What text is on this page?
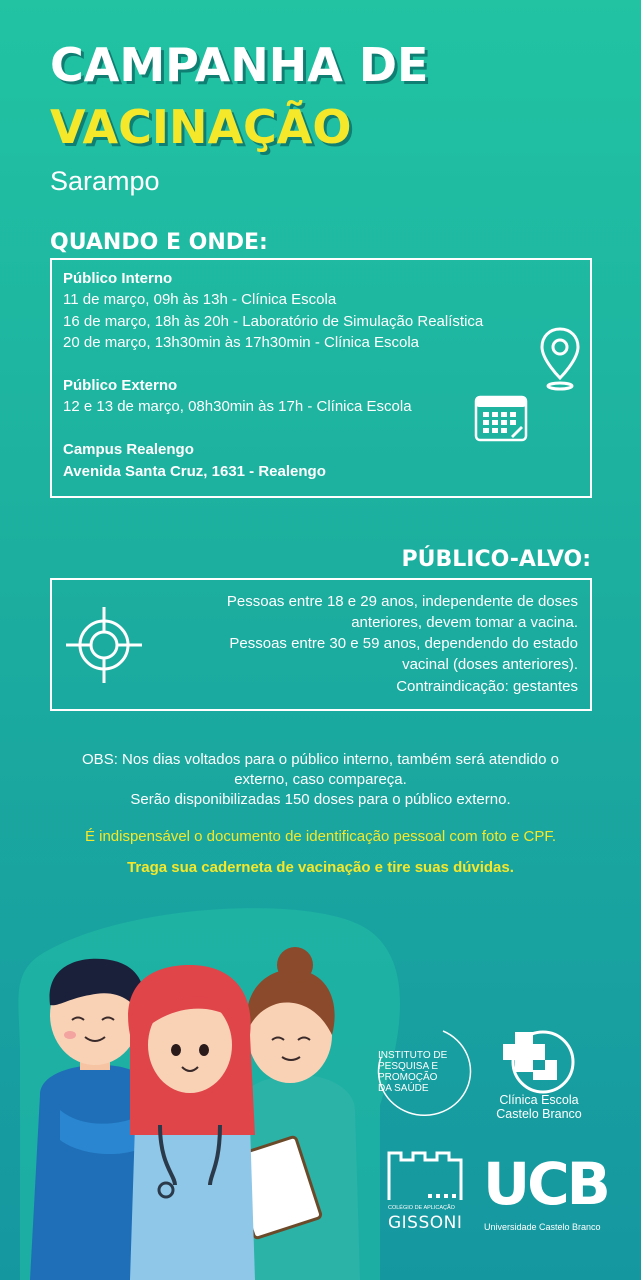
CAMPANHA DE
VACINAÇÃO
Sarampo
QUANDO E ONDE:
Público Interno
11 de março, 09h às 13h - Clínica Escola
16 de março, 18h às 20h - Laboratório de Simulação Realística
20 de março, 13h30min às 17h30min - Clínica Escola
Público Externo
12 e 13 de março, 08h30min às 17h - Clínica Escola
Campus Realengo
Avenida Santa Cruz, 1631 - Realengo
PÚBLICO-ALVO:
Pessoas entre 18 e 29 anos, independente de doses
anteriores, devem tomar a vacina.
Pessoas entre 30 e 59 anos, dependendo do estado
vacinal (doses anteriores).
Contraindicação: gestantes
OBS: Nos dias voltados para o público interno, também será atendido o
externo, caso compareça.
Serão disponibilizadas 150 doses para o público externo.
É indispensável o documento de identificação pessoal com foto e CPF.
Traga sua caderneta de vacinação e tire suas dúvidas.
INSTITUTO DE
PESQUISA E
PROMOÇÃO
DA SAÚDE
Clínica Escola
Castelo Branco
COLÉGIO DE APLICAÇÃO
GISSONI
UCB
Universidade Castelo Branco
